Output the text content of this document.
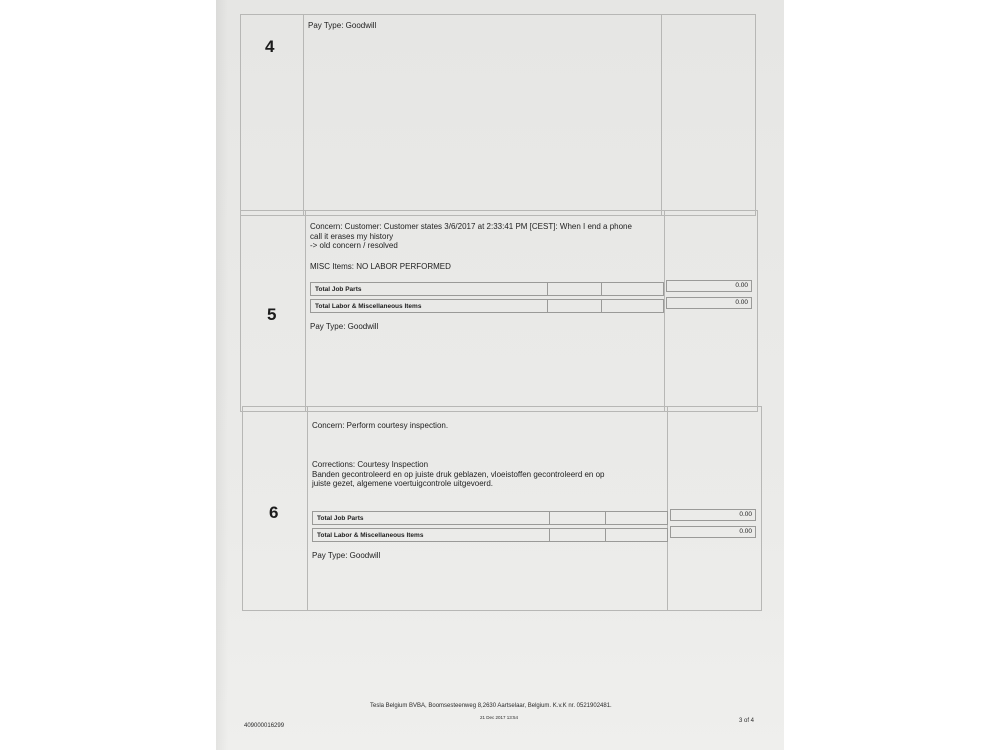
4
Pay Type: Goodwill
5
Concern: Customer: Customer states 3/6/2017 at 2:33:41 PM [CEST]: When I end a phone
call it erases my history
-> old concern / resolved
MISC Items: NO LABOR PERFORMED
Total Job Parts
0.00
Total Labor & Miscellaneous Items
0.00
Pay Type: Goodwill
6
Concern: Perform courtesy inspection.
Corrections: Courtesy Inspection
Banden gecontroleerd en op juiste druk geblazen, vloeistoffen gecontroleerd en op
juiste gezet, algemene voertuigcontrole uitgevoerd.
Total Job Parts
0.00
Total Labor & Miscellaneous Items
0.00
Pay Type: Goodwill
Tesla Belgium BVBA, Boomsesteenweg 8,2630 Aartselaar, Belgium. K.v.K nr. 0521902481.
21 Dec 2017 13:54
409000016299
3 of 4
